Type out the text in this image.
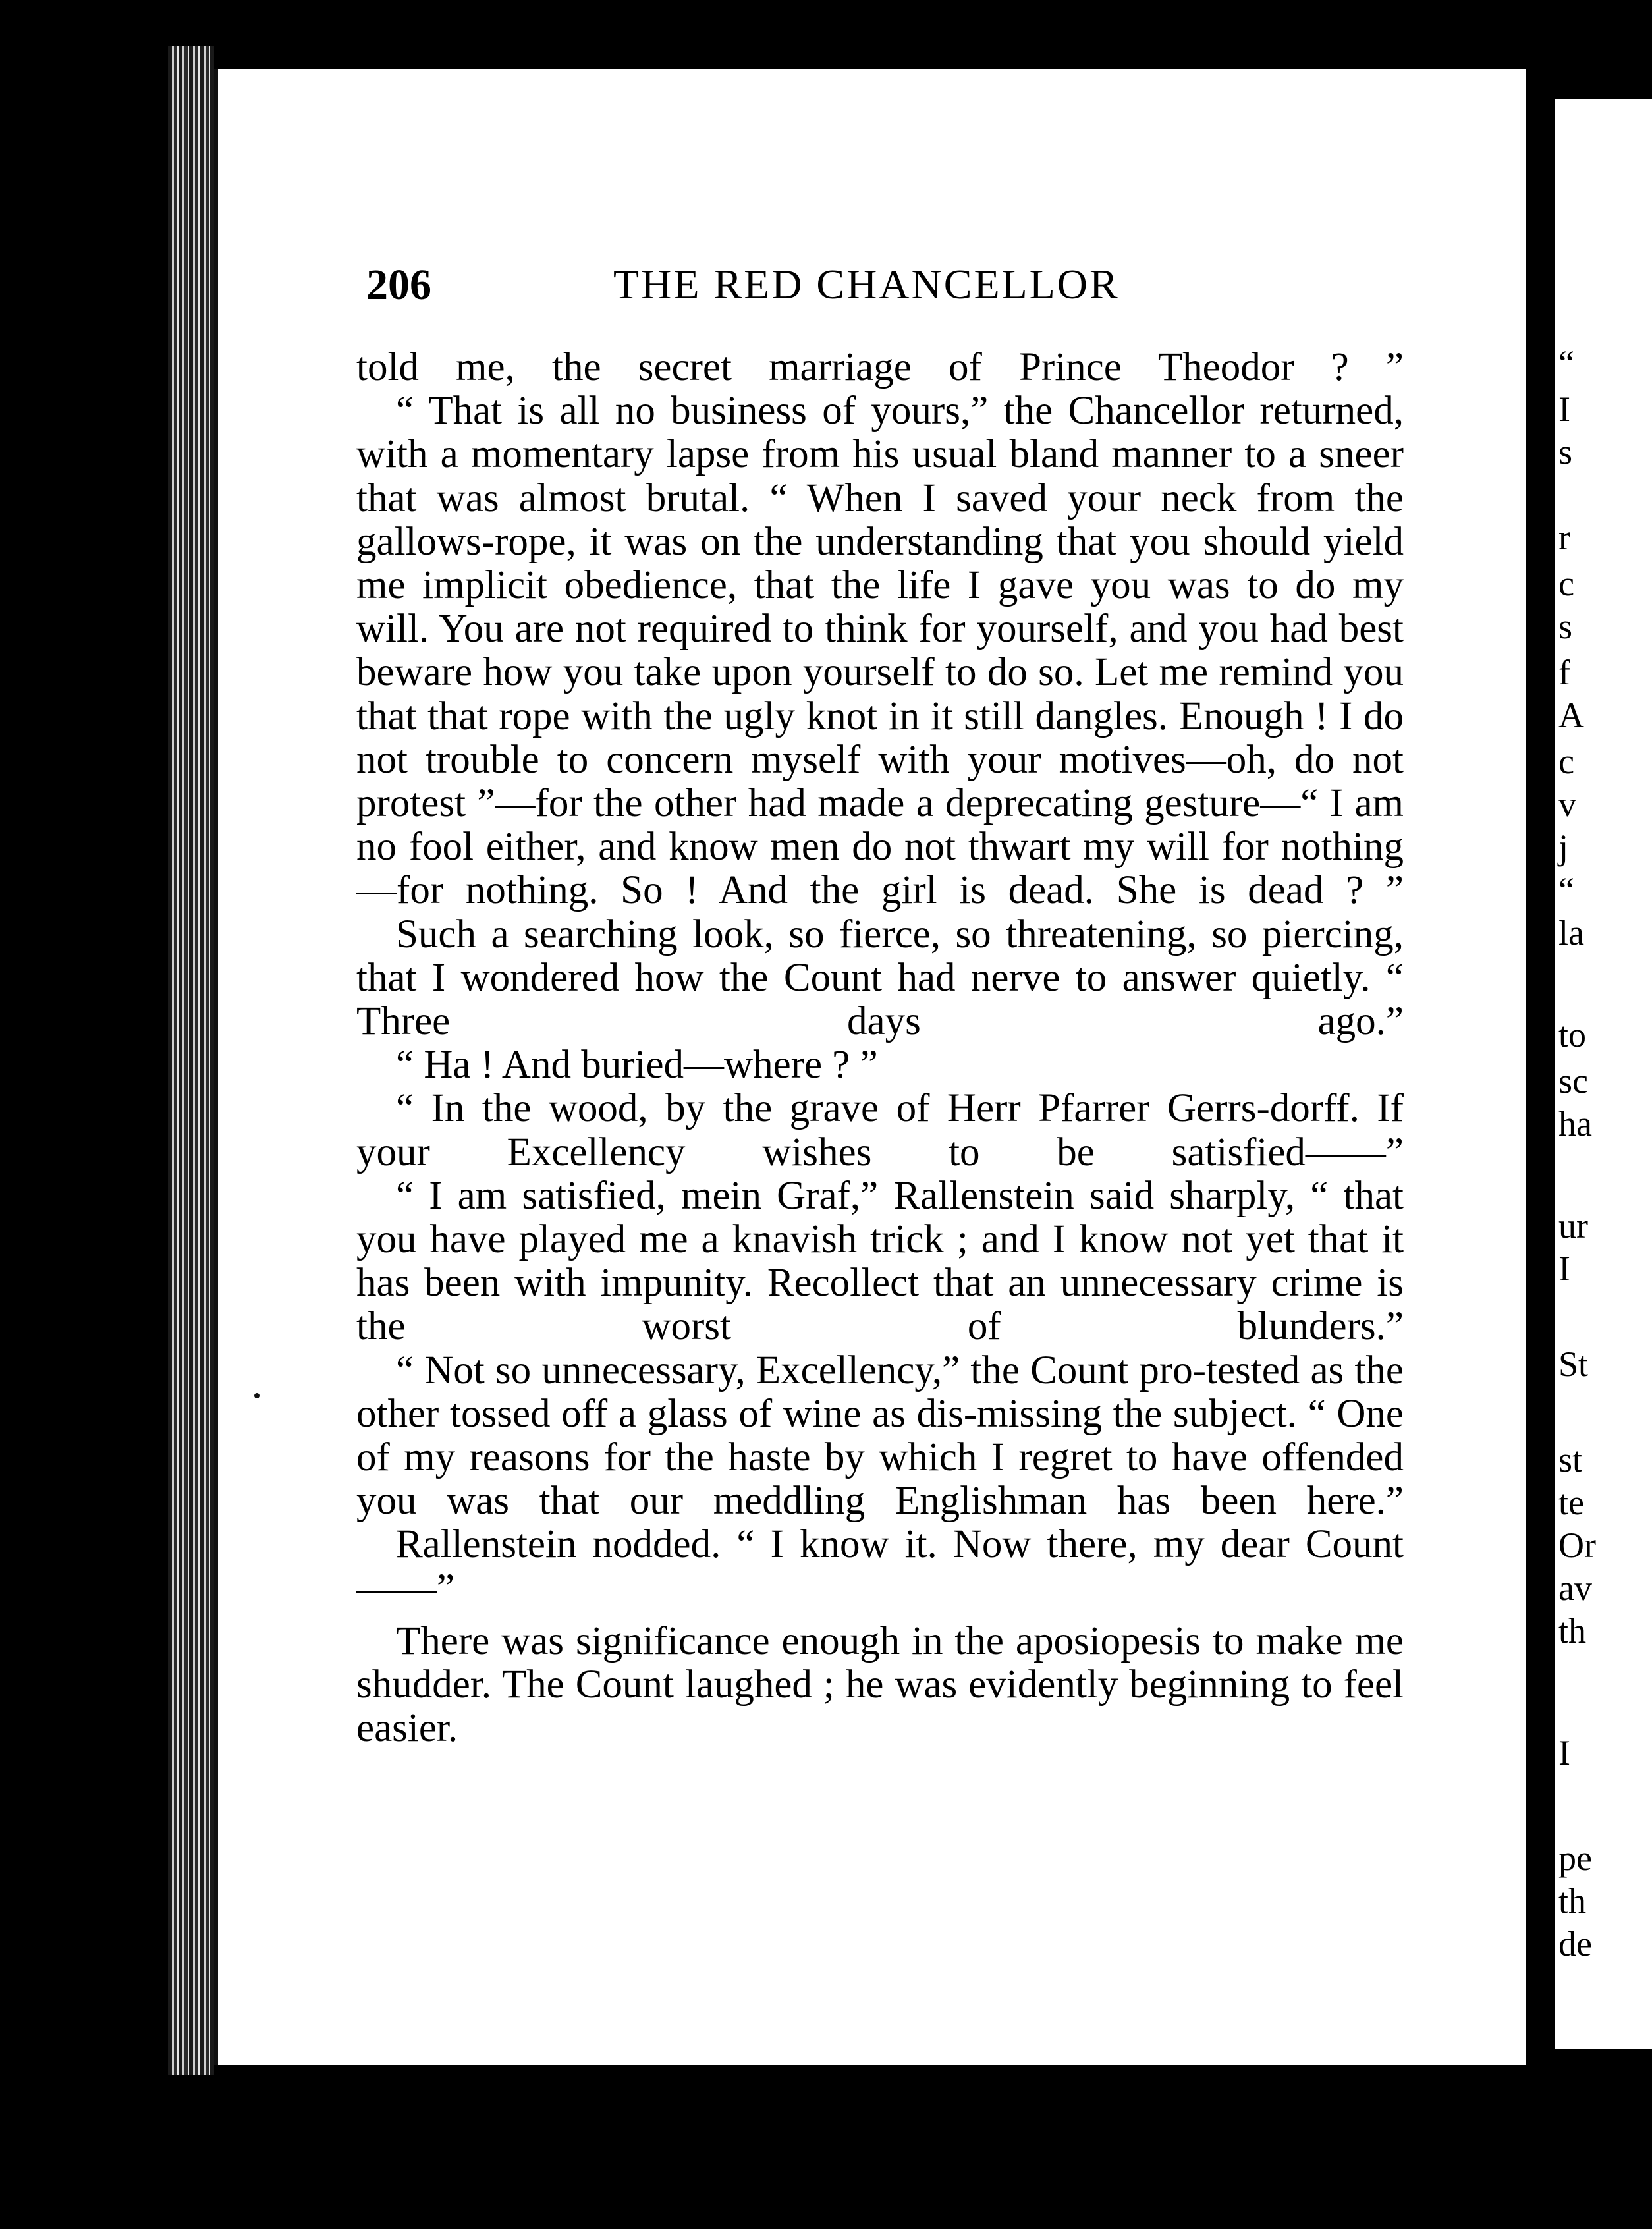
206	THE RED CHANCELLOR

told me, the secret marriage of Prince Theodor ? ”

“ That is all no business of yours,” the Chancellor returned, with a momentary lapse from his usual bland manner to a sneer that was almost brutal. “ When I saved your neck from the gallows-rope, it was on the understanding that you should yield me implicit obedience, that the life I gave you was to do my will. You are not required to think for yourself, and you had best beware how you take upon yourself to do so. Let me remind you that that rope with the ugly knot in it still dangles. Enough ! I do not trouble to concern myself with your motives—oh, do not protest ”—for the other had made a deprecating gesture—“ I am no fool either, and know men do not thwart my will for nothing—for nothing. So ! And the girl is dead. She is dead ? ”

Such a searching look, so fierce, so threatening, so piercing, that I wondered how the Count had nerve to answer quietly. “ Three days ago.”

“ Ha ! And buried—where ? ”

“ In the wood, by the grave of Herr Pfarrer Gerrs-dorff. If your Excellency wishes to be satisfied——”

“ I am satisfied, mein Graf,” Rallenstein said sharply, “ that you have played me a knavish trick ; and I know not yet that it has been with impunity. Recollect that an unnecessary crime is the worst of blunders.”

“ Not so unnecessary, Excellency,” the Count pro-tested as the other tossed off a glass of wine as dis-missing the subject. “ One of my reasons for the haste by which I regret to have offended you was that our meddling Englishman has been here.”

Rallenstein nodded. “ I know it. Now there, my dear Count——”

There was significance enough in the aposiopesis to make me shudder. The Count laughed ; he was evidently beginning to feel easier.

“
I
s
r
c
s
f
A
c
v
j
“
la
to
sc
ha
ur
I
St
st
te
Or
av
th
I
pe
th
de
